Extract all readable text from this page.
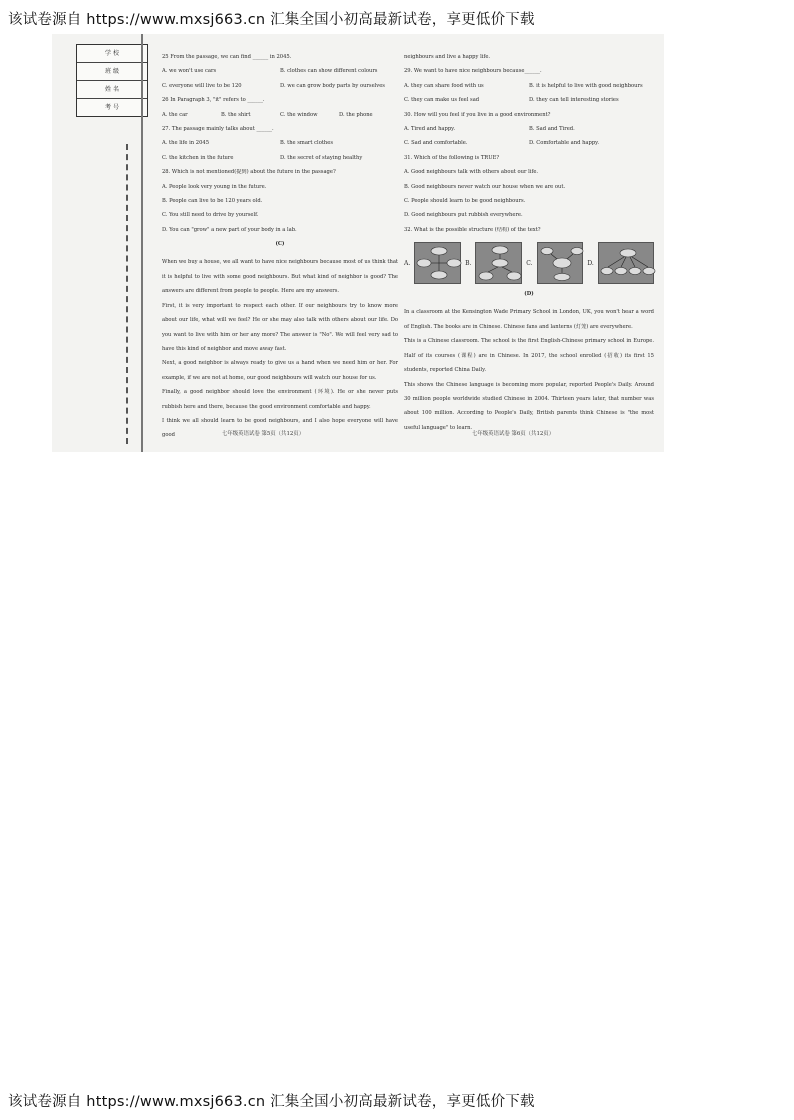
该试卷源自 https://www.mxsj663.cn 汇集全国小初高最新试卷，享更低价下载
学 校
班 级
姓 名
考 号
25 From the passage, we can find ______ in 2045.
A. we won't use cars	B. clothes can show different colours
C. everyone will live to be 120	D. we can grow body parts by ourselves
26 In Paragraph 3, "it" refers to ______.
A. the car	B. the shirt	C. the window	D. the phone
27. The passage mainly talks about ______.
A. the life in 2045	B. the smart clothes
C. the kitchen in the future	D. the secret of staying healthy
28. Which is not mentioned(提到) about the future in the passage?
A. People look very young in the future.
B. People can live to be 120 years old.
C. You still need to drive by yourself.
D. You can "grow" a new part of your body in a lab.
(C)
When we buy a house, we all want to have nice neighbours because most of us think that it is helpful to live with some good neighbours. But what kind of neighbor is good? The answers are different from people to people. Here are my answers.
First, it is very important to respect each other. If our neighbours try to know more about our life, what will we feel? He or she may also talk with others about our life. Do you want to live with him or her any more? The answer is "No". We will feel very sad to have this kind of neighbor and move away fast.
Next, a good neighbor is always ready to give us a hand when we need him or her. For example, if we are not at home, our good neighbours will watch our house for us.
Finally, a good neighbor should love the environment (环境). He or she never puts rubbish here and there, because the good environment comfortable and happy.
I think we all should learn to be good neighbours, and I also hope everyone will have good
neighbours and live a happy life.
29. We want to have nice neighbours because______.
A. they can share food with us	B. it is helpful to live with good neighbours
C. they can make us feel sad	D. they can tell interesting stories
30. How will you feel if you live in a good environment?
A. Tired and happy.	B. Sad and Tired.
C. Sad and comfortable.	D. Comfortable and happy.
31. Which of the following is TRUE?
A. Good neighbours talk with others about our life.
B. Good neighbours never watch our house when we are out.
C. People should learn to be good neighbours.
D. Good neighbours put rubbish everywhere.
32. What is the possible structure (结构) of the text?
A.	B.	C.	D.
(D)
In a classroom at the Kensington Wade Primary School in London, UK, you won't hear a word of English. The books are in Chinese. Chinese fans and lanterns (灯笼) are everywhere.
This is a Chinese classroom. The school is the first English-Chinese primary school in Europe. Half of its courses (课程) are in Chinese. In 2017, the school enrolled (招收) its first 15 students, reported China Daily.
This shows the Chinese language is becoming more popular, reported People's Daily. Around 30 million people worldwide studied Chinese in 2004. Thirteen years later, that number was about 100 million. According to People's Daily, British parents think Chinese is "the most useful language" to learn.
七年级英语试卷 第5页（共12页）	七年级英语试卷 第6页（共12页）
该试卷源自 https://www.mxsj663.cn 汇集全国小初高最新试卷，享更低价下载
